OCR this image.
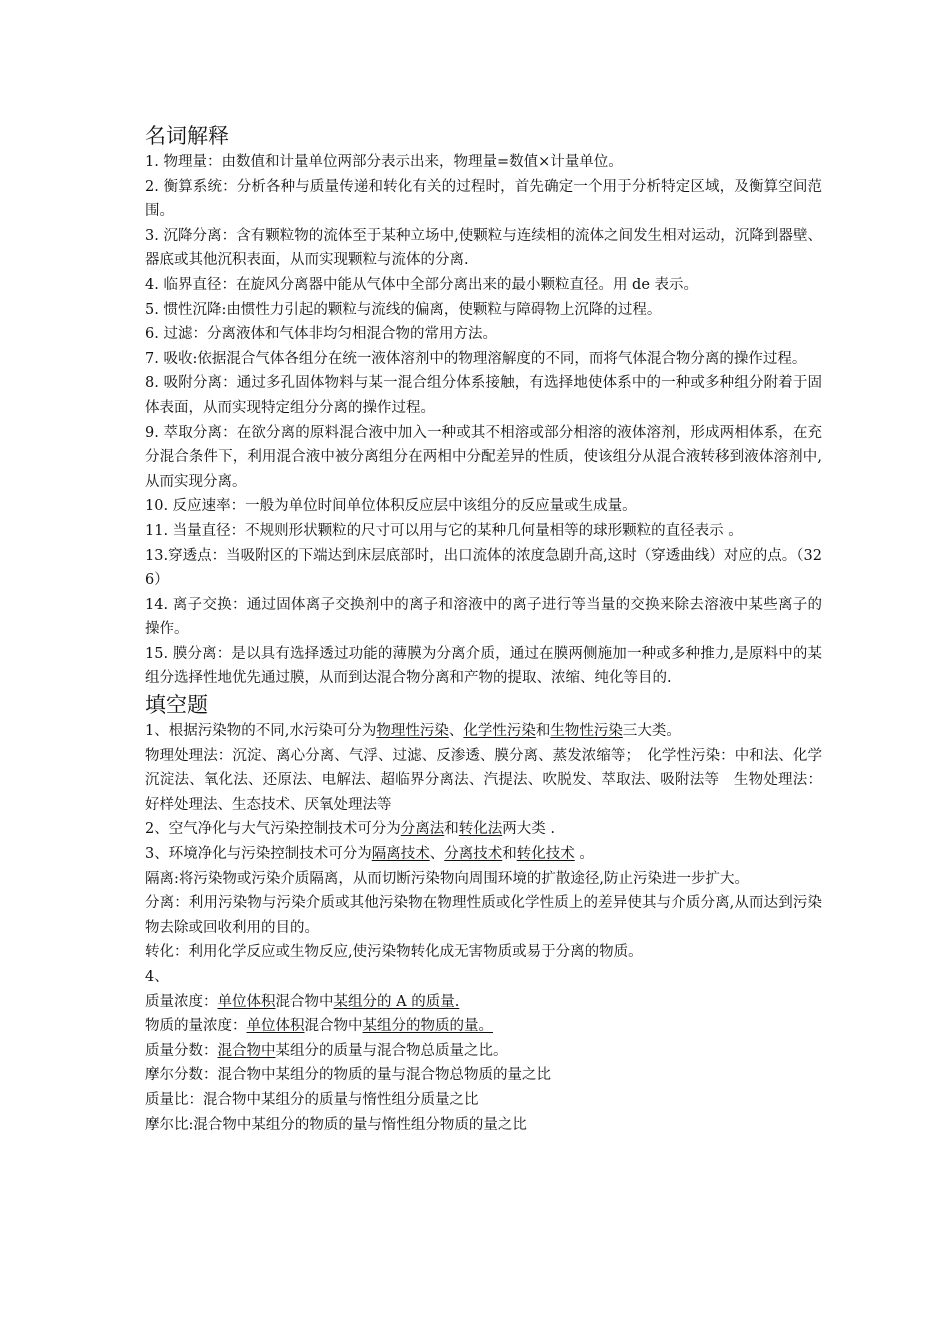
名词解释

1. 物理量：由数值和计量单位两部分表示出来，物理量=数值×计量单位。

2. 衡算系统：分析各种与质量传递和转化有关的过程时，首先确定一个用于分析特定区域，及衡算空间范围。

3. 沉降分离：含有颗粒物的流体至于某种立场中,使颗粒与连续相的流体之间发生相对运动，沉降到器壁、器底或其他沉积表面，从而实现颗粒与流体的分离.

4. 临界直径：在旋风分离器中能从气体中全部分离出来的最小颗粒直径。用 de 表示。

5. 惯性沉降:由惯性力引起的颗粒与流线的偏离，使颗粒与障碍物上沉降的过程。

6. 过滤：分离液体和气体非均匀相混合物的常用方法。

7. 吸收:依据混合气体各组分在统一液体溶剂中的物理溶解度的不同，而将气体混合物分离的操作过程。

8. 吸附分离：通过多孔固体物料与某一混合组分体系接触，有选择地使体系中的一种或多种组分附着于固体表面，从而实现特定组分分离的操作过程。

9. 萃取分离：在欲分离的原料混合液中加入一种或其不相溶或部分相溶的液体溶剂，形成两相体系，在充分混合条件下，利用混合液中被分离组分在两相中分配差异的性质，使该组分从混合液转移到液体溶剂中,从而实现分离。

10. 反应速率：一般为单位时间单位体积反应层中该组分的反应量或生成量。

11. 当量直径：不规则形状颗粒的尺寸可以用与它的某种几何量相等的球形颗粒的直径表示 。

13.穿透点：当吸附区的下端达到床层底部时，出口流体的浓度急剧升高,这时（穿透曲线）对应的点。（326）

14. 离子交换：通过固体离子交换剂中的离子和溶液中的离子进行等当量的交换来除去溶液中某些离子的操作。

15. 膜分离：是以具有选择透过功能的薄膜为分离介质，通过在膜两侧施加一种或多种推力,是原料中的某组分选择性地优先通过膜，从而到达混合物分离和产物的提取、浓缩、纯化等目的.

填空题

1、根据污染物的不同,水污染可分为物理性污染、化学性污染和生物性污染三大类。

物理处理法：沉淀、离心分离、气浮、过滤、反渗透、膜分离、蒸发浓缩等；　化学性污染：中和法、化学沉淀法、氧化法、还原法、电解法、超临界分离法、汽提法、吹脱发、萃取法、吸附法等　生物处理法：好样处理法、生态技术、厌氧处理法等

2、空气净化与大气污染控制技术可分为分离法和转化法两大类 .

3、环境净化与污染控制技术可分为隔离技术、分离技术和转化技术 。

隔离:将污染物或污染介质隔离，从而切断污染物向周围环境的扩散途径,防止污染进一步扩大。

分离：利用污染物与污染介质或其他污染物在物理性质或化学性质上的差异使其与介质分离,从而达到污染物去除或回收利用的目的。

转化：利用化学反应或生物反应,使污染物转化成无害物质或易于分离的物质。

4、

质量浓度：单位体积混合物中某组分的 A 的质量.

物质的量浓度：单位体积混合物中某组分的物质的量。

质量分数：混合物中某组分的质量与混合物总质量之比。

摩尔分数：混合物中某组分的物质的量与混合物总物质的量之比

质量比：混合物中某组分的质量与惰性组分质量之比

摩尔比:混合物中某组分的物质的量与惰性组分物质的量之比
